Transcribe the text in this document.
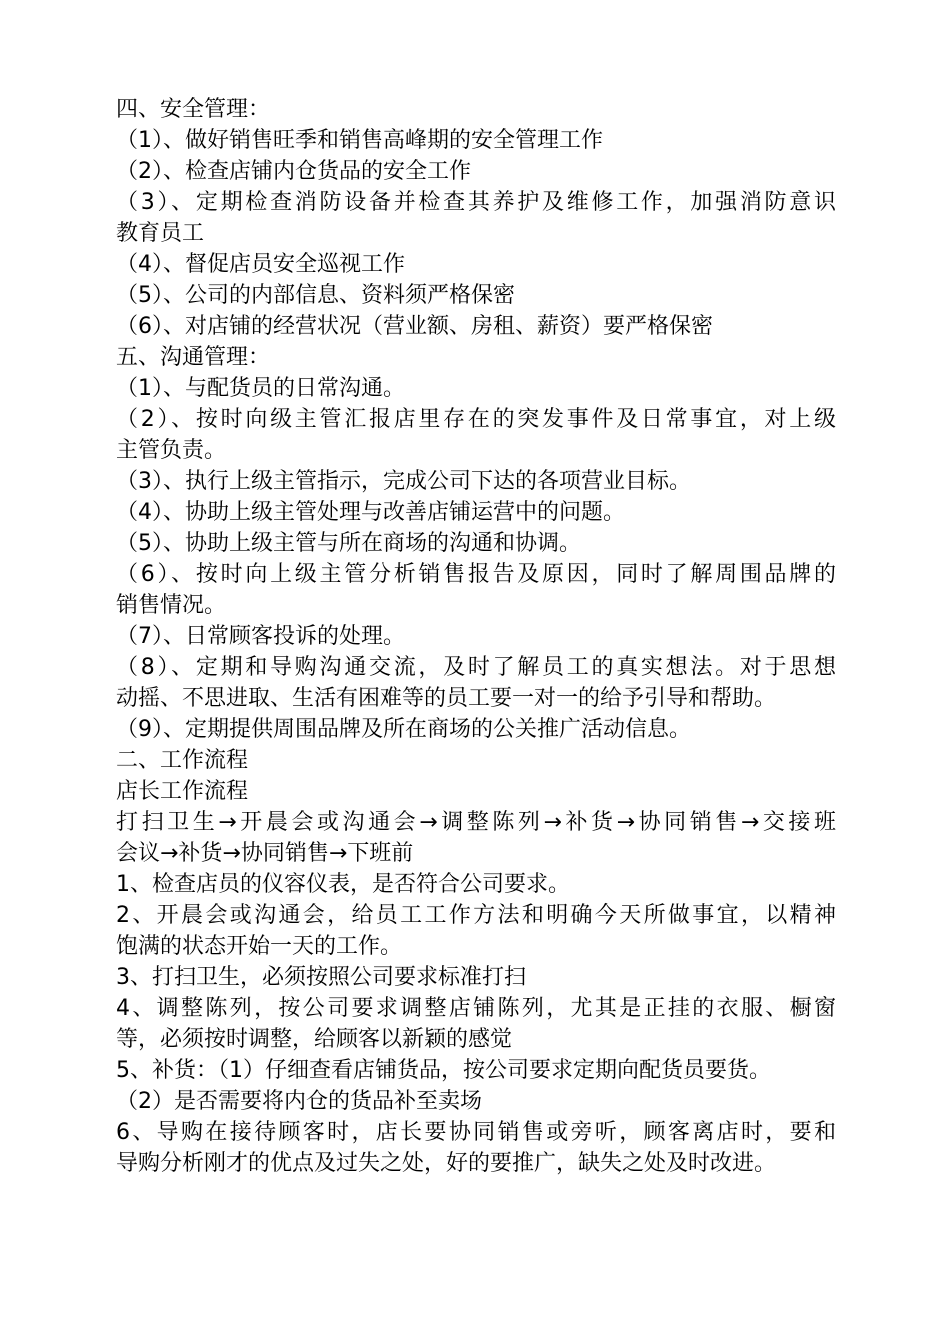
四、安全管理：
（1）、做好销售旺季和销售高峰期的安全管理工作
（2）、检查店铺内仓货品的安全工作
（3）、定期检查消防设备并检查其养护及维修工作，加强消防意识
教育员工
（4）、督促店员安全巡视工作
（5）、公司的内部信息、资料须严格保密
（6）、对店铺的经营状况（营业额、房租、薪资）要严格保密
五、沟通管理：
（1）、与配货员的日常沟通。
（2）、按时向级主管汇报店里存在的突发事件及日常事宜，对上级
主管负责。
（3）、执行上级主管指示，完成公司下达的各项营业目标。
（4）、协助上级主管处理与改善店铺运营中的问题。
（5）、协助上级主管与所在商场的沟通和协调。
（6）、按时向上级主管分析销售报告及原因，同时了解周围品牌的
销售情况。
（7）、日常顾客投诉的处理。
（8）、定期和导购沟通交流，及时了解员工的真实想法。对于思想
动摇、不思进取、生活有困难等的员工要一对一的给予引导和帮助。
（9）、定期提供周围品牌及所在商场的公关推广活动信息。
二、工作流程
店长工作流程
打扫卫生→开晨会或沟通会→调整陈列→补货→协同销售→交接班
会议→补货→协同销售→下班前
1、检查店员的仪容仪表，是否符合公司要求。
2、开晨会或沟通会，给员工工作方法和明确今天所做事宜，以精神
饱满的状态开始一天的工作。
3、打扫卫生，必须按照公司要求标准打扫
4、调整陈列，按公司要求调整店铺陈列，尤其是正挂的衣服、橱窗
等，必须按时调整，给顾客以新颖的感觉
5、补货：（1）仔细查看店铺货品，按公司要求定期向配货员要货。
（2）是否需要将内仓的货品补至卖场
6、导购在接待顾客时，店长要协同销售或旁听，顾客离店时，要和
导购分析刚才的优点及过失之处，好的要推广，缺失之处及时改进。
